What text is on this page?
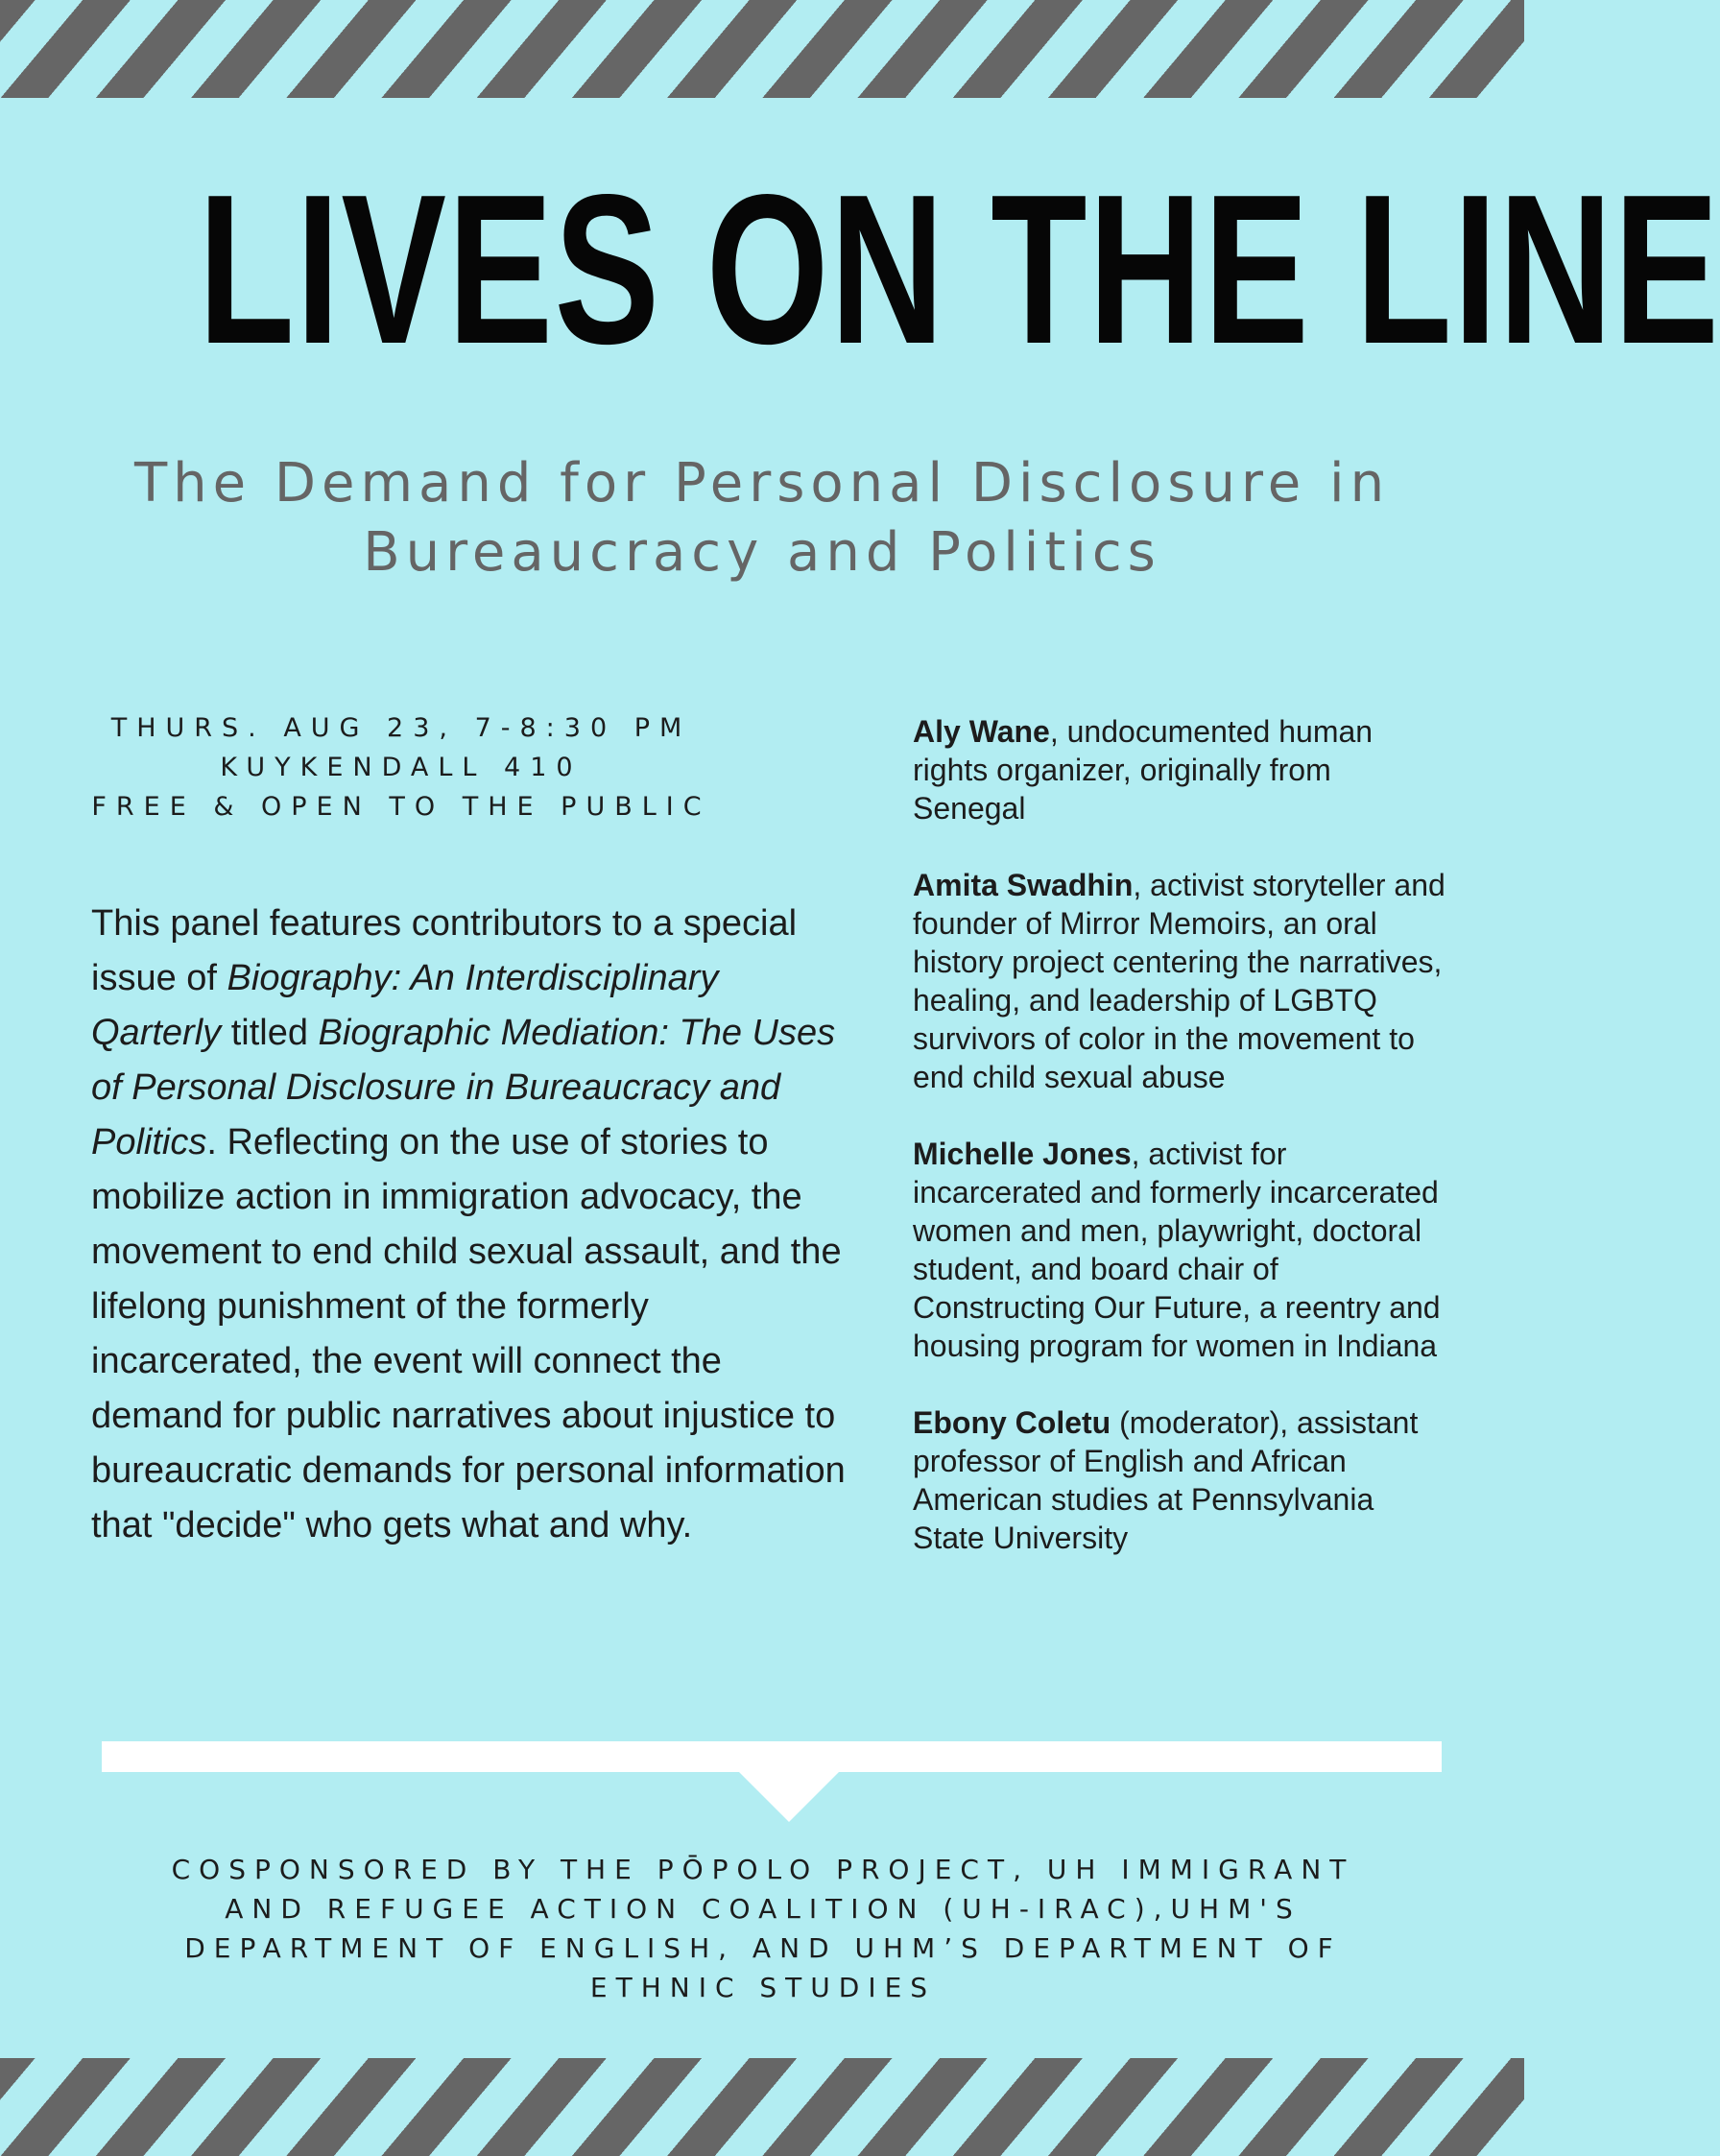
LIVES ON THE LINE
The Demand for Personal Disclosure in
Bureaucracy and Politics
THURS. AUG 23, 7-8:30 PM
KUYKENDALL 410
FREE & OPEN TO THE PUBLIC

This panel features contributors to a special issue of Biography: An Interdisciplinary Qarterly titled Biographic Mediation: The Uses of Personal Disclosure in Bureaucracy and Politics. Reflecting on the use of stories to mobilize action in immigration advocacy, the movement to end child sexual assault, and the lifelong punishment of the formerly incarcerated, the event will connect the demand for public narratives about injustice to bureaucratic demands for personal information that "decide" who gets what and why.

Aly Wane, undocumented human rights organizer, originally from Senegal

Amita Swadhin, activist storyteller and founder of Mirror Memoirs, an oral history project centering the narratives, healing, and leadership of LGBTQ survivors of color in the movement to end child sexual abuse

Michelle Jones, activist for incarcerated and formerly incarcerated women and men, playwright, doctoral student, and board chair of Constructing Our Future, a reentry and housing program for women in Indiana

Ebony Coletu (moderator), assistant professor of English and African American studies at Pennsylvania State University

COSPONSORED BY THE PŌPOLO PROJECT, UH IMMIGRANT
AND REFUGEE ACTION COALITION (UH-IRAC),UHM'S
DEPARTMENT OF ENGLISH, AND UHM’S DEPARTMENT OF
ETHNIC STUDIES
